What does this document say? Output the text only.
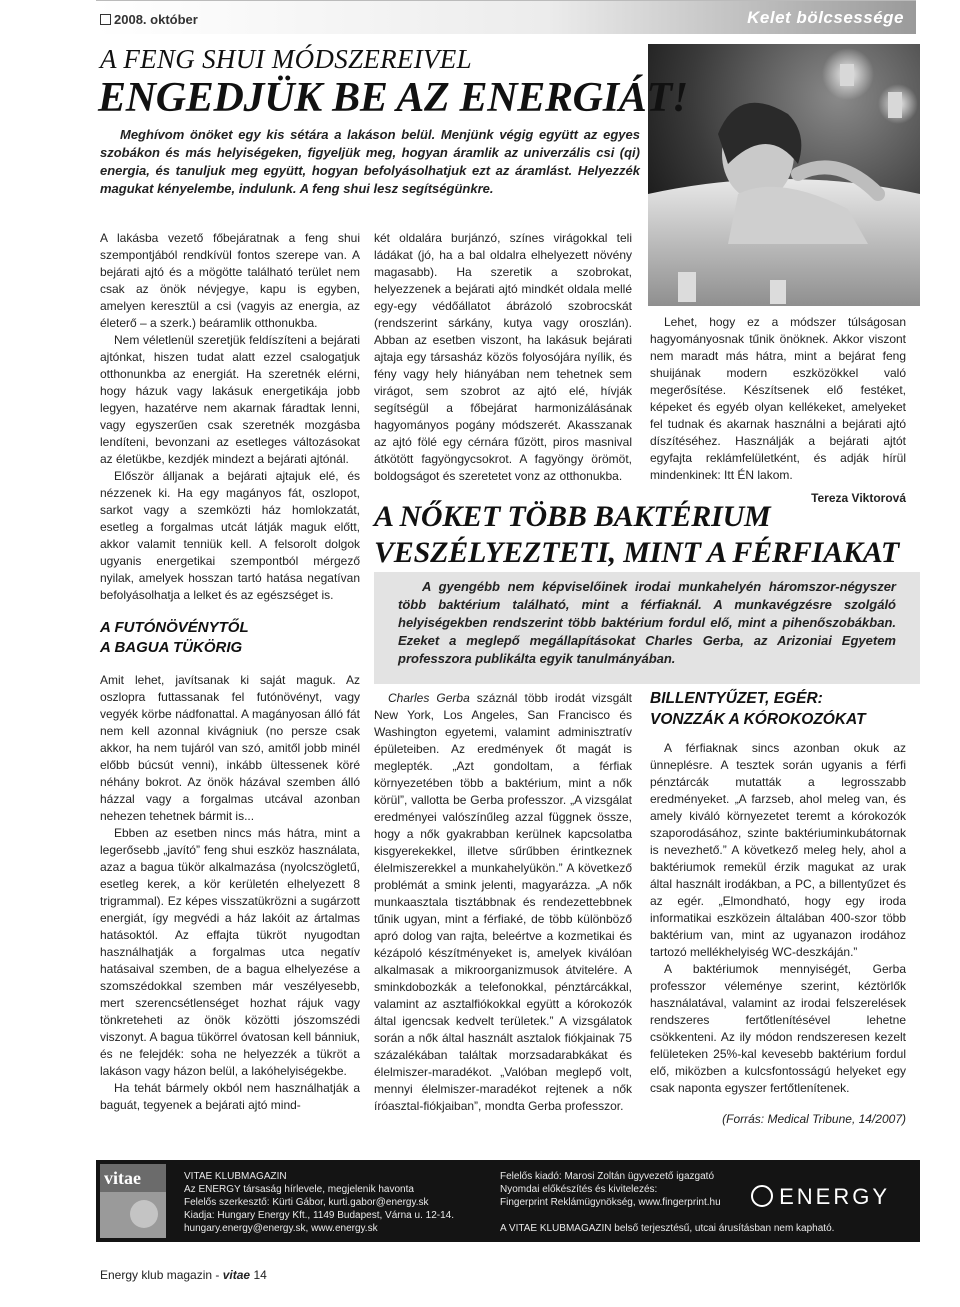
2008. október	Kelet bölcsessége
A FENG SHUI MÓDSZEREIVEL
ENGEDJÜK BE AZ ENERGIÁT!

Meghívom önöket egy kis sétára a lakáson belül. Menjünk végig együtt az egyes szobákon és más helyiségeken, figyeljük meg, hogyan áramlik az univerzális csi (qi) energia, és tanuljuk meg együtt, hogyan befolyásolhatjuk ezt az áramlást. Helyezzék magukat kényelembe, indulunk. A feng shui lesz segítségünkre.

A lakásba vezető főbejáratnak a feng shui szempontjából rendkívül fontos szerepe van. A bejárati ajtó és a mögötte található terület nem csak az önök névjegye, kapu is egyben, amelyen keresztül a csi (vagyis az energia, az életerő – a szerk.) beáramlik otthonukba.

Nem véletlenül szeretjük feldíszíteni a bejárati ajtónkat, hiszen tudat alatt ezzel csalogatjuk otthonunkba az energiát. Ha szeretnék elérni, hogy házuk vagy lakásuk energetikája jobb legyen, hazatérve nem akarnak fáradtak lenni, vagy egyszerűen csak szeretnék mozgásba lendíteni, bevonzani az esetleges változásokat az életükbe, kezdjék mindezt a bejárati ajtónál.

Először álljanak a bejárati ajtajuk elé, és nézzenek ki. Ha egy magányos fát, oszlopot, sarkot vagy a szemközti ház homlokzatát, esetleg a forgalmas utcát látják maguk előtt, akkor valamit tenniük kell. A felsorolt dolgok ugyanis energetikai szempontból mérgező nyilak, amelyek hosszan tartó hatása negatívan befolyásolhatja a lelket és az egészséget is.

A FUTÓNÖVÉNYTŐL
A BAGUA TÜKÖRIG

Amit lehet, javítsanak ki saját maguk. Az oszlopra futtassanak fel futónövényt, vagy vegyék körbe nádfonattal. A magányosan álló fát nem kell azonnal kivágniuk (no persze csak akkor, ha nem tujáról van szó, amitől jobb minél előbb búcsút venni), inkább ültessenek köré néhány bokrot. Az önök házával szemben álló házzal vagy a forgalmas utcával azonban nehezen tehetnek bármit is...

Ebben az esetben nincs más hátra, mint a legerősebb „javító” feng shui eszköz használata, azaz a bagua tükör alkalmazása (nyolcszögletű, esetleg kerek, a kör kerületén elhelyezett 8 trigrammal). Ez képes visszatükrözni a sugárzott energiát, így megvédi a ház lakóit az ártalmas hatásoktól. Az effajta tükröt nyugodtan használhatják a forgalmas utca negatív hatásaival szemben, de a bagua elhelyezése a szomszédokkal szemben már veszélyesebb, mert szerencsétlenséget hozhat rájuk vagy tönkreteheti az önök közötti jószomszédi viszonyt. A bagua tükörrel óvatosan kell bánniuk, és ne felejdék: soha ne helyezzék a tükröt a lakáson vagy házon belül, a lakóhelyiségekbe.

Ha tehát bármely okból nem használhatják a baguát, tegyenek a bejárati ajtó mind-

két oldalára burjánzó, színes virágokkal teli ládákat (jó, ha a bal oldalra elhelyezett növény magasabb). Ha szeretik a szobrokat, helyezzenek a bejárati ajtó mindkét oldala mellé egy-egy védőállatot ábrázoló szobrocskát (rendszerint sárkány, kutya vagy oroszlán). Abban az esetben viszont, ha lakásuk bejárati ajtaja egy társasház közös folyosójára nyílik, és fény vagy hely hiányában nem tehetnek sem virágot, sem szobrot az ajtó elé, hívják segítségül a főbejárat harmonizálásának hagyományos pogány módszerét. Akasszanak az ajtó fölé egy cérnára fűzött, piros masnival átkötött fagyöngycsokrot. A fagyöngy örömöt, boldogságot és szeretetet vonz az otthonukba.

Lehet, hogy ez a módszer túlságosan hagyományosnak tűnik önöknek. Akkor viszont nem maradt más hátra, mint a bejárat feng shuijának modern eszközökkel való megerősítése. Készítsenek elő festéket, képeket és egyéb olyan kellékeket, amelyeket fel tudnak és akarnak használni a bejárati ajtó díszítéséhez. Használják a bejárati ajtót egyfajta reklámfelületként, és adják hírül mindenkinek: Itt ÉN lakom.

Tereza Viktorová
A NŐKET TÖBB BAKTÉRIUM
VESZÉLYEZTETI, MINT A FÉRFIAKAT

A gyengébb nem képviselőinek irodai munkahelyén háromszor-négyszer több baktérium található, mint a férfiaknál. A munkavégzésre szolgáló helyiségekben rendszerint több baktérium fordul elő, mint a pihenőszobákban. Ezeket a meglepő megállapításokat Charles Gerba, az Arizoniai Egyetem professzora publikálta egyik tanulmányában.

Charles Gerba száznál több irodát vizsgált New York, Los Angeles, San Francisco és Washington egyetemi, valamint adminisztratív épületeiben. Az eredmények őt magát is meglepték. „Azt gondoltam, a férfiak környezetében több a baktérium, mint a nők körül”, vallotta be Gerba professzor. „A vizsgálat eredményei valószínűleg azzal függnek össze, hogy a nők gyakrabban kerülnek kapcsolatba kisgyerekekkel, illetve sűrűbben érintkeznek élelmiszerekkel a munkahelyükön.” A következő problémát a smink jelenti, magyarázza. „A nők munkaasztala tisztábbnak és rendezettebbnek tűnik ugyan, mint a férfiaké, de több különböző apró dolog van rajta, beleértve a kozmetikai és kézápoló készítményeket is, amelyek kiválóan alkalmasak a mikroorganizmusok átvitelére. A sminkdobozkák a telefonokkal, pénztárcákkal, valamint az asztalfiókokkal együtt a kórokozók által igencsak kedvelt területek.” A vizsgálatok során a nők által használt asztalok fiókjainak 75 százalékában találtak morzsadarabkákat és élelmiszer-maradékot. „Valóban meglepő volt, mennyi élelmiszer-maradékot rejtenek a nők íróasztal-fiókjaiban”, mondta Gerba professzor.

BILLENTYŰZET, EGÉR:
VONZZÁK A KÓROKOZÓKAT

A férfiaknak sincs azonban okuk az ünneplésre. A tesztek során ugyanis a férfi pénztárcák mutatták a legrosszabb eredményeket. „A farzseb, ahol meleg van, és amely kiváló környezetet teremt a kórokozók szaporodásához, szinte baktériuminkubátornak is nevezhető.” A következő meleg hely, ahol a baktériumok remekül érzik magukat az urak által használt irodákban, a PC, a billentyűzet és az egér. „Elmondható, hogy egy iroda informatikai eszközein általában 400-szor több baktérium van, mint az ugyanazon irodához tartozó mellékhelyiség WC-deszkáján.”

A baktériumok mennyiségét, Gerba professzor véleménye szerint, kéztörlők használatával, valamint az irodai felszerelések rendszeres fertőtlenítésével lehetne csökkenteni. Az ily módon rendszeresen kezelt felületeken 25%-kal kevesebb baktérium fordul elő, miközben a kulcsfontosságú helyeket egy csak naponta egyszer fertőtlenítenek.

(Forrás: Medical Tribune, 14/2007)
vitae	VITAE KLUBMAGAZIN
Az ENERGY társaság hírlevele, megjelenik havonta
Felelős szerkesztő: Kürti Gábor, kurti.gabor@energy.sk
Kiadja: Hungary Energy Kft., 1149 Budapest, Várna u. 12-14.
hungary.energy@energy.sk, www.energy.sk
Felelős kiadó: Marosi Zoltán ügyvezető igazgató
Nyomdai előkészítés és kivitelezés:
Fingerprint Reklámügynökség, www.fingerprint.hu
A VITAE KLUBMAGAZIN belső terjesztésű, utcai árusításban nem kapható.
ENERGY
Energy klub magazin - vitae 14
